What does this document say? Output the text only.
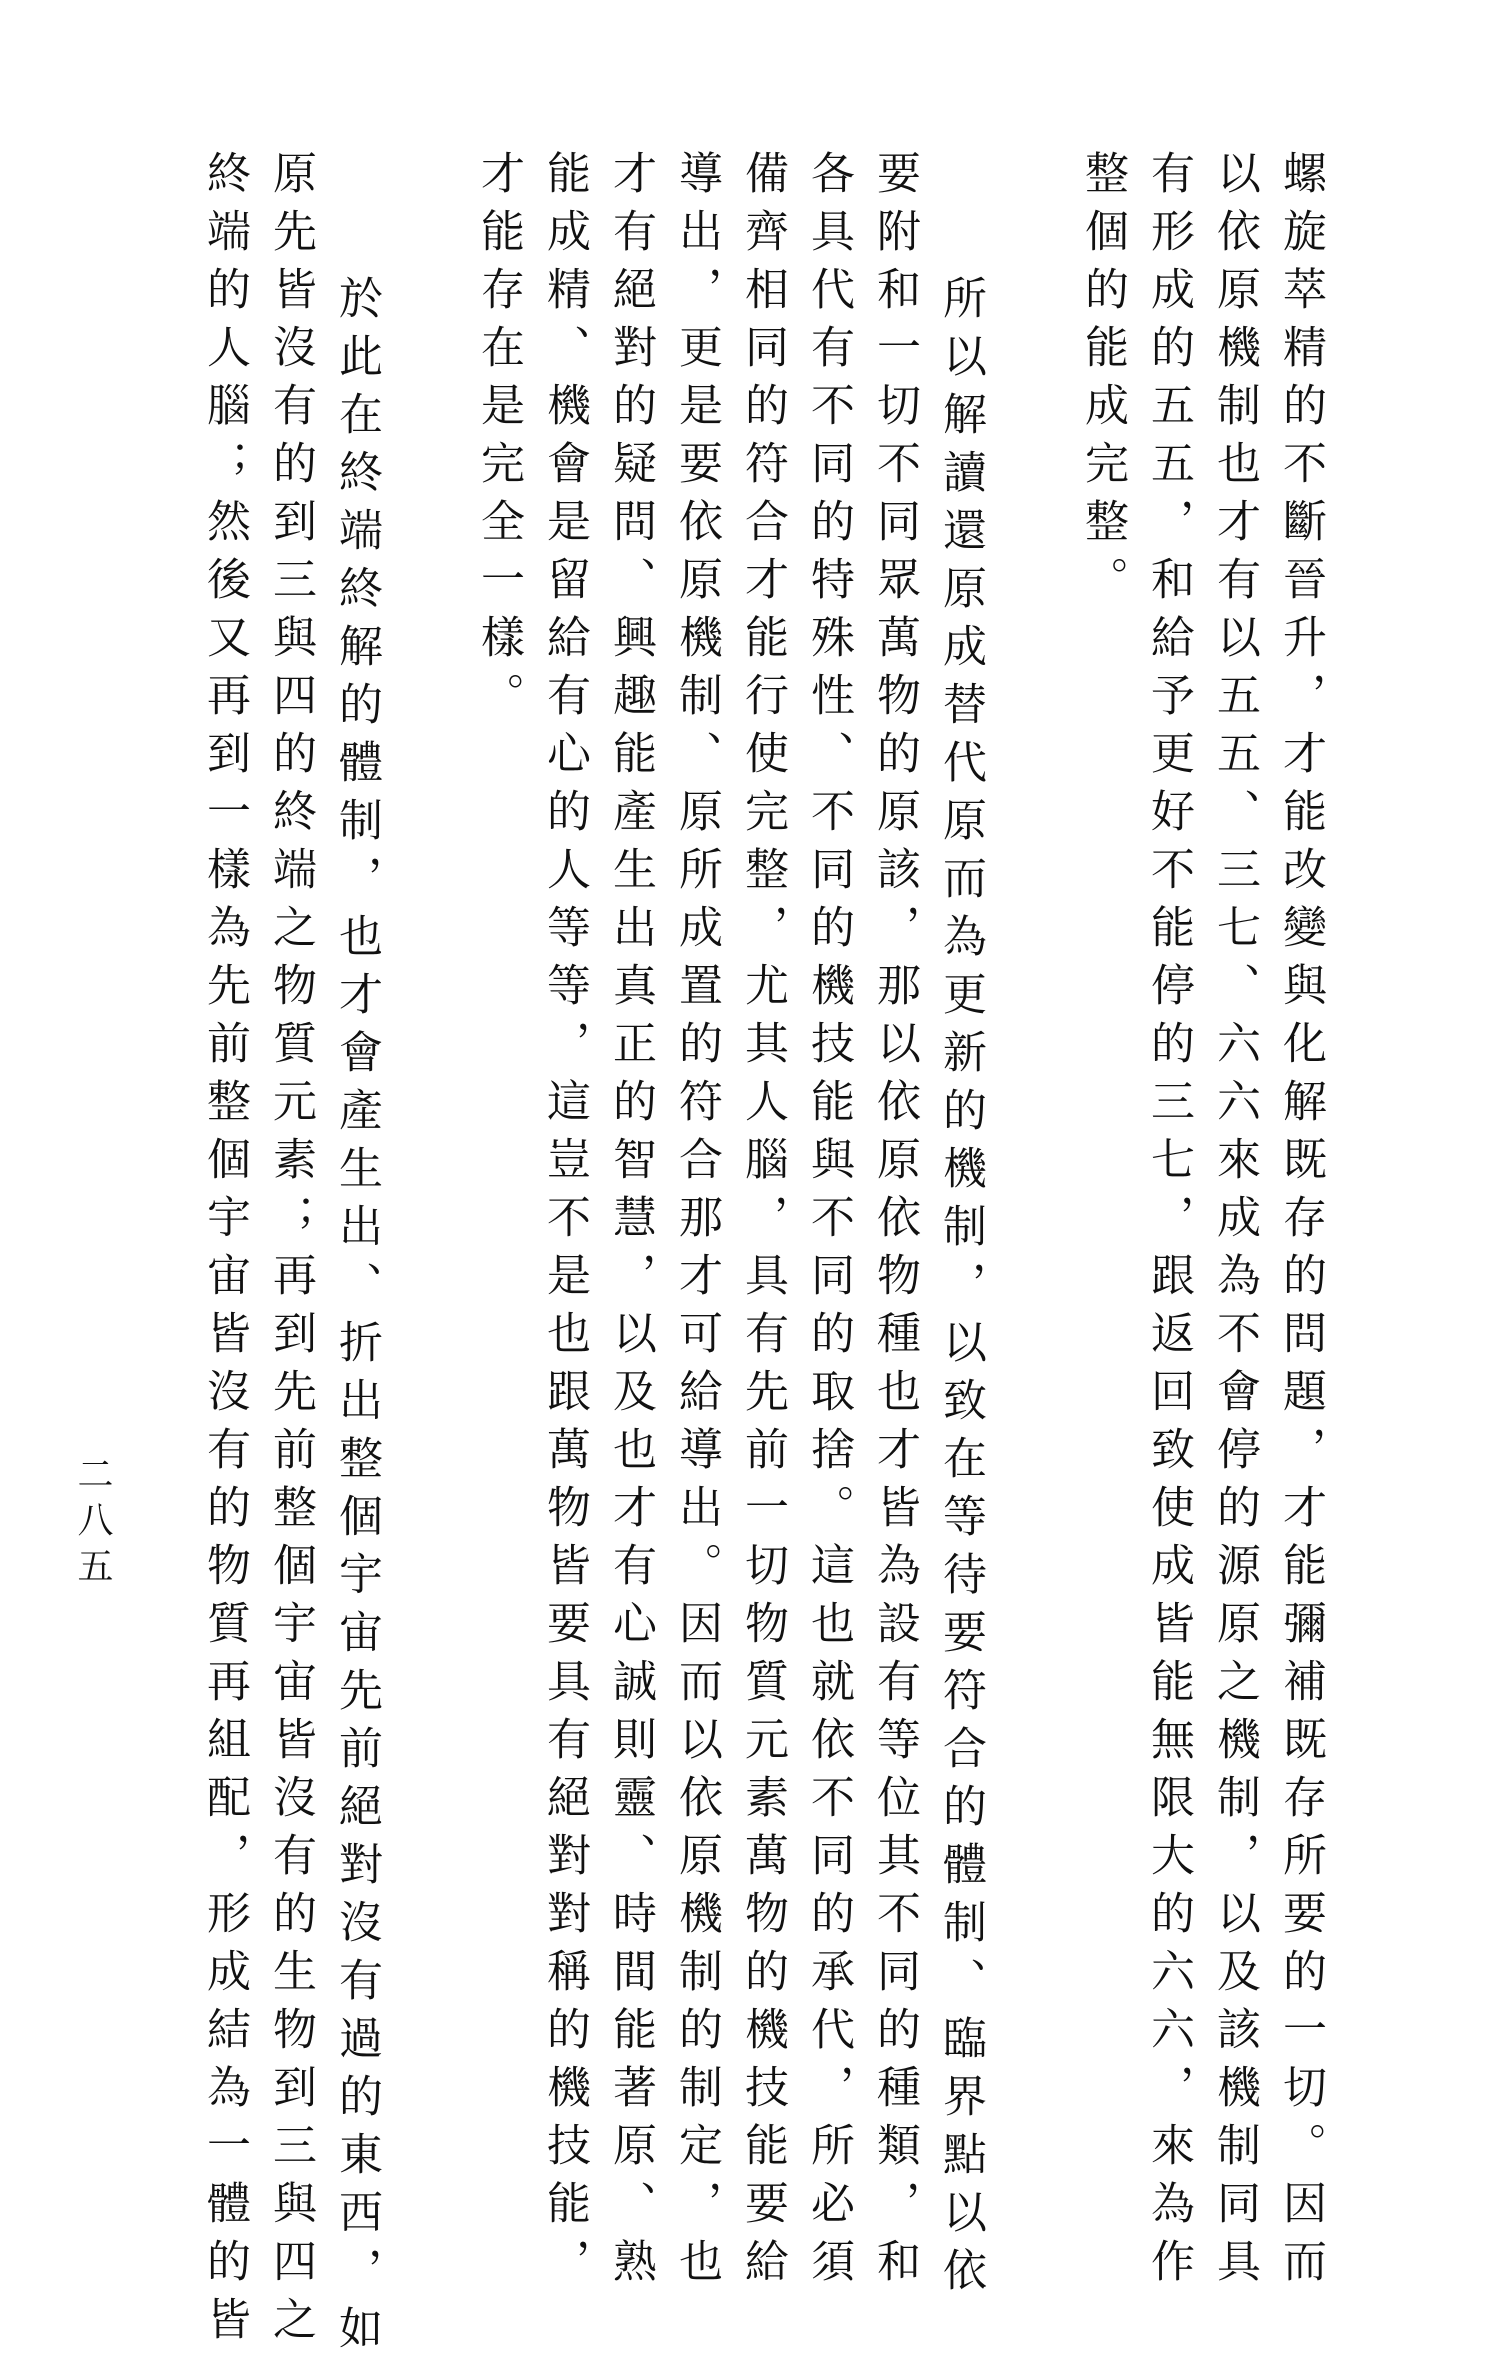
螺旋萃精的不斷晉升，才能改變與化解既存的問題，才能彌補既存所要的一切。因而
以依原機制也才有以五五、三七、六六來成為不會停的源原之機制，以及該機制同具
有形成的五五，和給予更好不能停的三七，跟返回致使成皆能無限大的六六，來為作
整個的能成完整。
所以解讀還原成替代原而為更新的機制，以致在等待要符合的體制、臨界點以依
要附和一切不同眾萬物的原該，那以依原依物種也才皆為設有等位其不同的種類，和
各具代有不同的特殊性、不同的機技能與不同的取捨。這也就依不同的承代，所必須
備齊相同的符合才能行使完整，尤其人腦，具有先前一切物質元素萬物的機技能要給
導出，更是要依原機制、原所成置的符合那才可給導出。因而以依原機制的制定，也
才有絕對的疑問、興趣能產生出真正的智慧，以及也才有心誠則靈、時間能著原、熟
能成精、機會是留給有心的人等等，這豈不是也跟萬物皆要具有絕對對稱的機技能，
才能存在是完全一樣。
於此在終端終解的體制，也才會產生出、折出整個宇宙先前絕對沒有過的東西，如
原先皆沒有的到三與四的終端之物質元素；再到先前整個宇宙皆沒有的生物到三與四之
終端的人腦；然後又再到一樣為先前整個宇宙皆沒有的物質再組配，形成結為一體的皆
二八五
